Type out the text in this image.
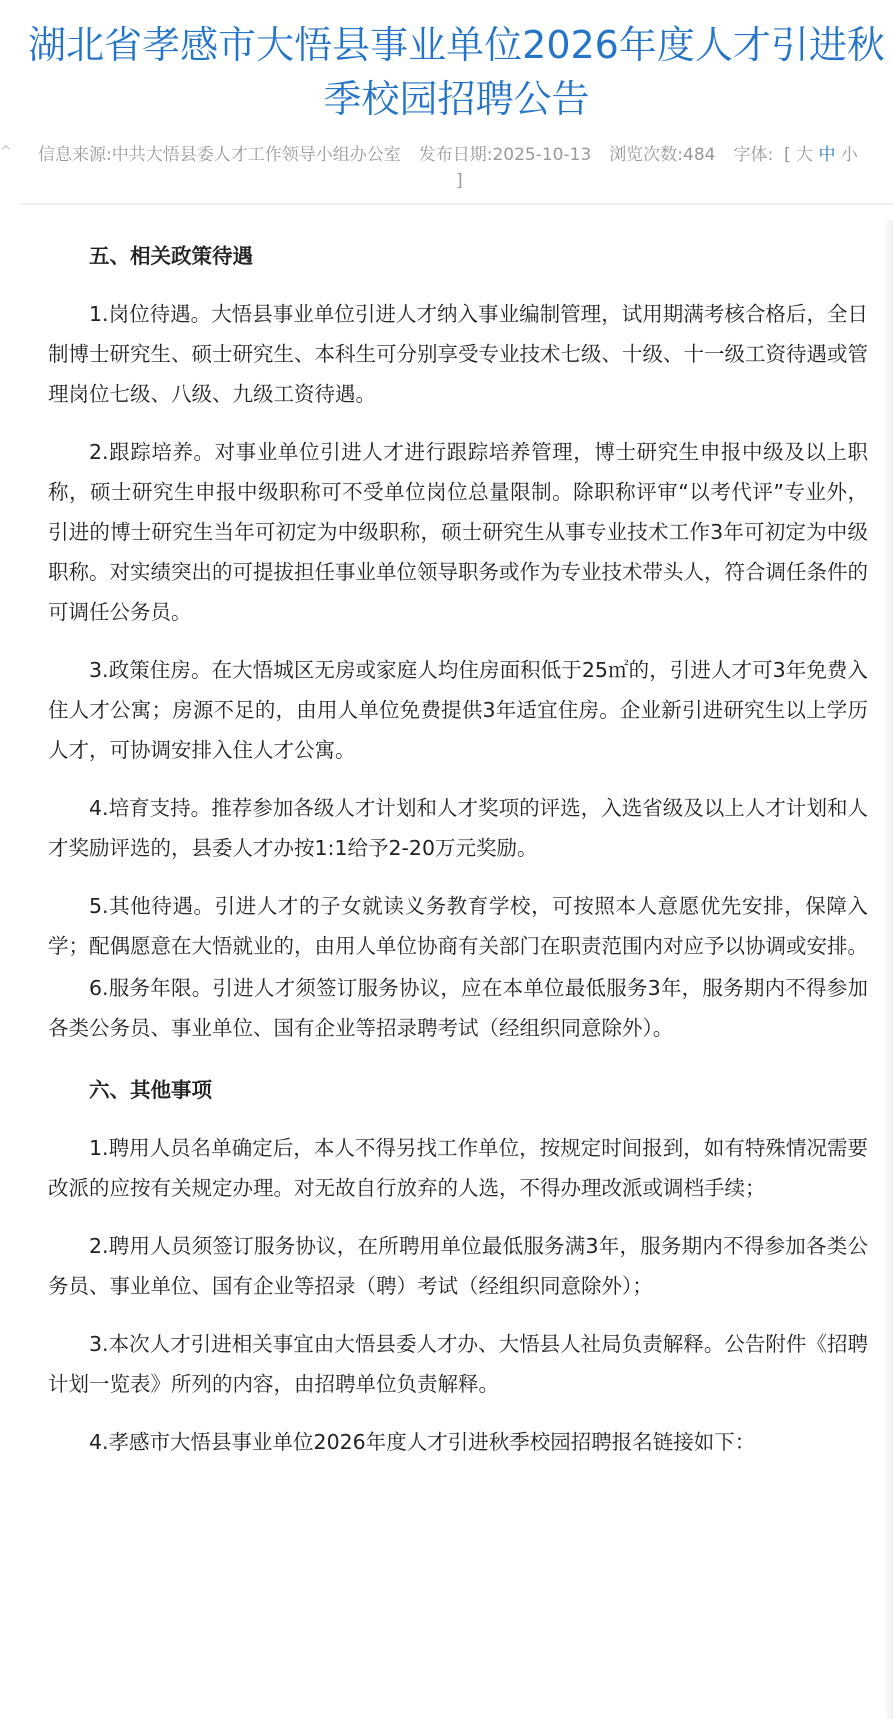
^
湖北省孝感市大悟县事业单位2026年度人才引进秋季校园招聘公告
信息来源:中共大悟县委人才工作领导小组办公室 发布日期:2025-10-13 浏览次数:484 字体: [ 大 中 小
]
五、相关政策待遇

1.岗位待遇。大悟县事业单位引进人才纳入事业编制管理，试用期满考核合格后，全日制博士研究生、硕士研究生、本科生可分别享受专业技术七级、十级、十一级工资待遇或管理岗位七级、八级、九级工资待遇。

2.跟踪培养。对事业单位引进人才进行跟踪培养管理，博士研究生申报中级及以上职称，硕士研究生申报中级职称可不受单位岗位总量限制。除职称评审“以考代评”专业外，引进的博士研究生当年可初定为中级职称，硕士研究生从事专业技术工作3年可初定为中级职称。对实绩突出的可提拔担任事业单位领导职务或作为专业技术带头人，符合调任条件的可调任公务员。

3.政策住房。在大悟城区无房或家庭人均住房面积低于25㎡的，引进人才可3年免费入住人才公寓；房源不足的，由用人单位免费提供3年适宜住房。企业新引进研究生以上学历人才，可协调安排入住人才公寓。

4.培育支持。推荐参加各级人才计划和人才奖项的评选，入选省级及以上人才计划和人才奖励评选的，县委人才办按1:1给予2-20万元奖励。

5.其他待遇。引进人才的子女就读义务教育学校，可按照本人意愿优先安排，保障入学；配偶愿意在大悟就业的，由用人单位协商有关部门在职责范围内对应予以协调或安排。

6.服务年限。引进人才须签订服务协议，应在本单位最低服务3年，服务期内不得参加各类公务员、事业单位、国有企业等招录聘考试（经组织同意除外）。

六、其他事项

1.聘用人员名单确定后，本人不得另找工作单位，按规定时间报到，如有特殊情况需要改派的应按有关规定办理。对无故自行放弃的人选，不得办理改派或调档手续；

2.聘用人员须签订服务协议，在所聘用单位最低服务满3年，服务期内不得参加各类公务员、事业单位、国有企业等招录（聘）考试（经组织同意除外）；

3.本次人才引进相关事宜由大悟县委人才办、大悟县人社局负责解释。公告附件《招聘计划一览表》所列的内容，由招聘单位负责解释。

4.孝感市大悟县事业单位2026年度人才引进秋季校园招聘报名链接如下：
